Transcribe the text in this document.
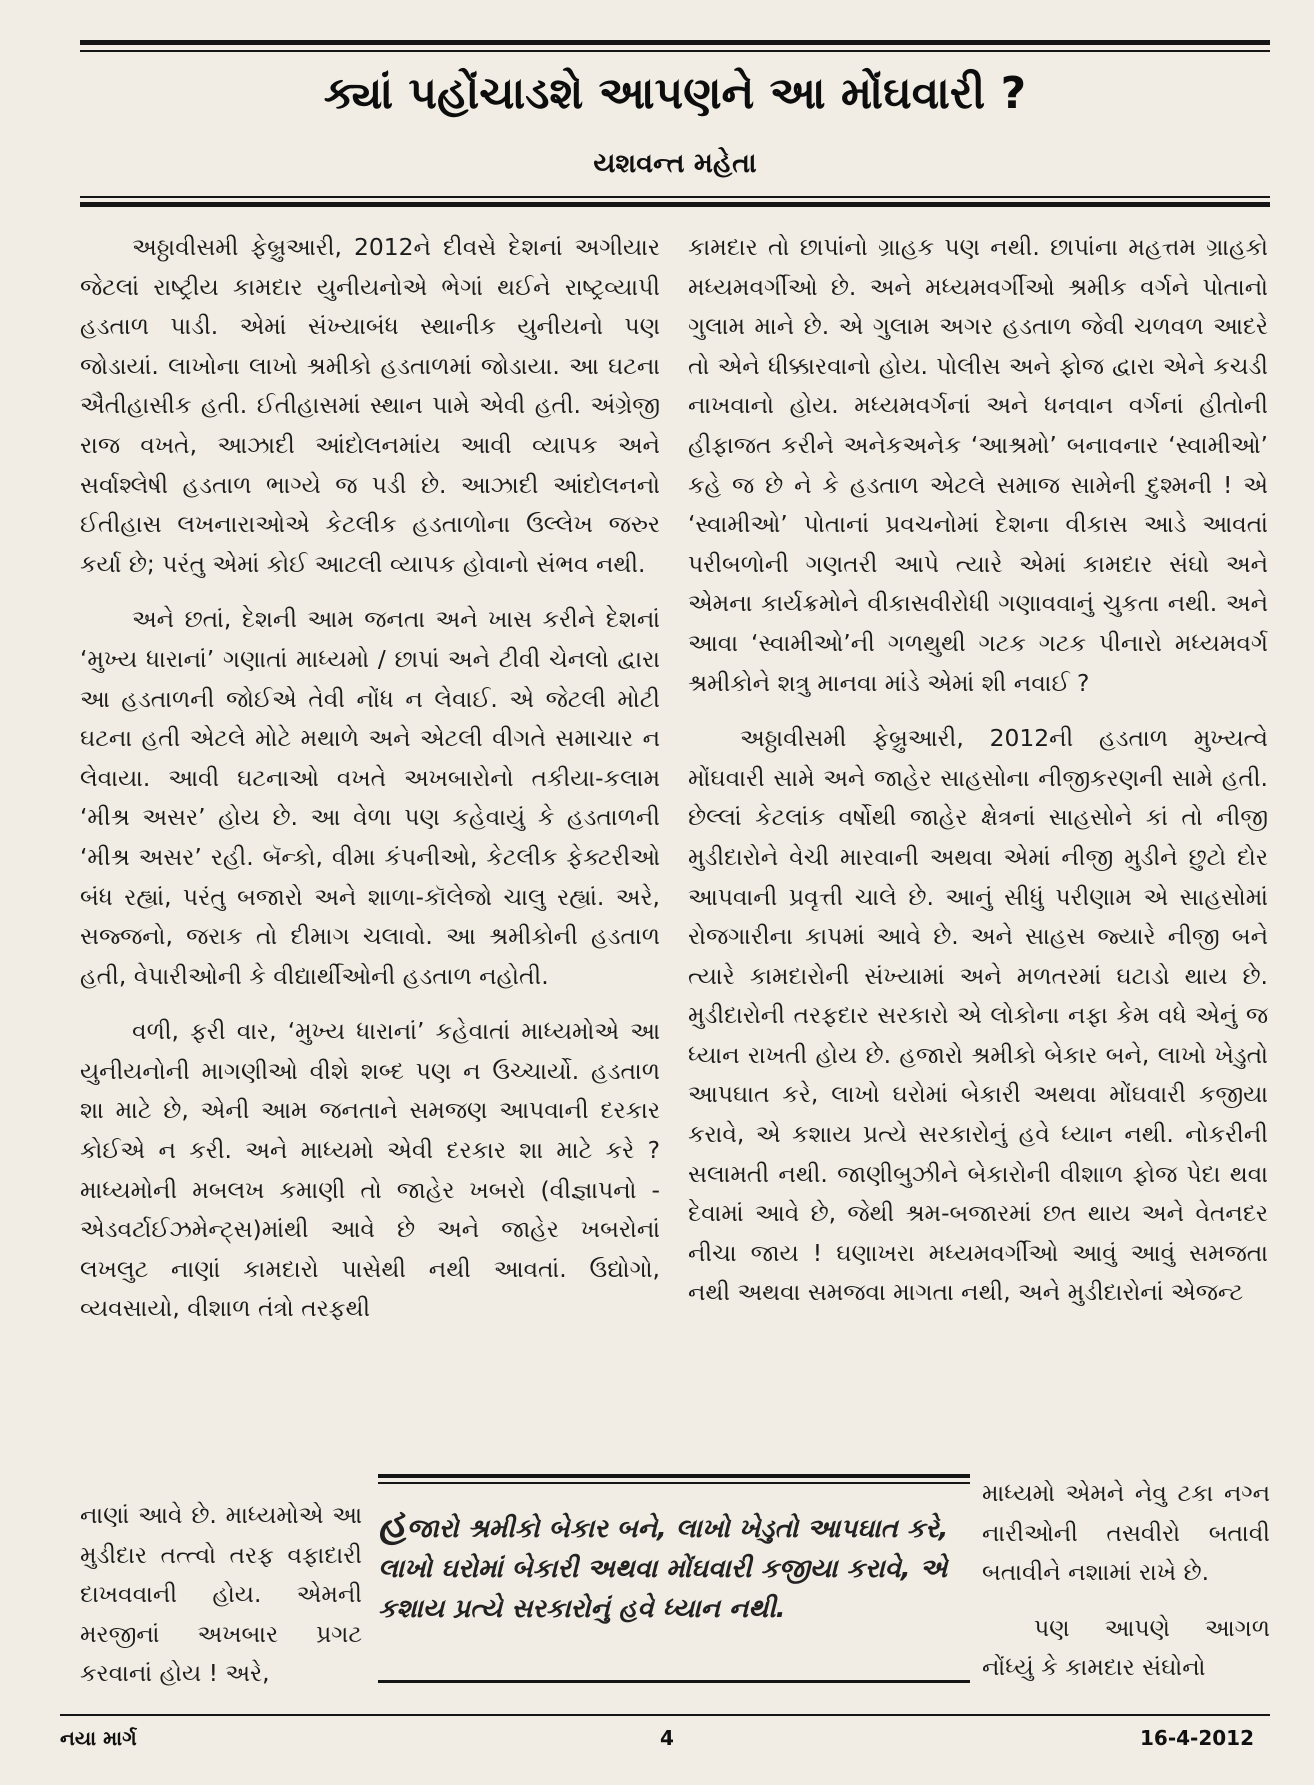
ક્યાં પહોંચાડશે આપણને આ મોંઘવારી ?
યશવન્ત મહેતા

અઠ્ઠાવીસમી ફેબ્રુઆરી, 2012ને દીવસે દેશનાં અગીયાર જેટલાં રાષ્ટ્રીય કામદાર યુનીયનોએ ભેગાં થઈને રાષ્ટ્રવ્યાપી હડતાળ પાડી. એમાં સંખ્યાબંધ સ્થાનીક યુનીયનો પણ જોડાયાં. લાખોના લાખો શ્રમીકો હડતાળમાં જોડાયા. આ ઘટના ઐતીહાસીક હતી. ઈતીહાસમાં સ્થાન પામે એવી હતી. અંગ્રેજી રાજ વખતે, આઝાદી આંદોલનમાંય આવી વ્યાપક અને સર્વાશ્લેષી હડતાળ ભાગ્યે જ પડી છે. આઝાદી આંદોલનનો ઈતીહાસ લખનારાઓએ કેટલીક હડતાળોના ઉલ્લેખ જરુર કર્યા છે; પરંતુ એમાં કોઈ આટલી વ્યાપક હોવાનો સંભવ નથી.

અને છતાં, દેશની આમ જનતા અને ખાસ કરીને દેશનાં ‘મુખ્ય ધારાનાં’ ગણાતાં માધ્યમો / છાપાં અને ટીવી ચેનલો દ્વારા આ હડતાળની જોઈએ તેવી નોંધ ન લેવાઈ. એ જેટલી મોટી ઘટના હતી એટલે મોટે મથાળે અને એટલી વીગતે સમાચાર ન લેવાયા. આવી ઘટનાઓ વખતે અખબારોનો તકીયા-કલામ ‘મીશ્ર અસર’ હોય છે. આ વેળા પણ કહેવાયું કે હડતાળની ‘મીશ્ર અસર’ રહી. બૅન્કો, વીમા કંપનીઓ, કેટલીક ફેક્ટરીઓ બંધ રહ્યાં, પરંતુ બજારો અને શાળા-કૉલેજો ચાલુ રહ્યાં. અરે, સજ્જનો, જરાક તો દીમાગ ચલાવો. આ શ્રમીકોની હડતાળ હતી, વેપારીઓની કે વીદ્યાર્થીઓની હડતાળ નહોતી.

વળી, ફરી વાર, ‘મુખ્ય ધારાનાં’ કહેવાતાં માધ્યમોએ આ યુનીયનોની માગણીઓ વીશે શબ્દ પણ ન ઉચ્ચાર્યો. હડતાળ શા માટે છે, એની આમ જનતાને સમજણ આપવાની દરકાર કોઈએ ન કરી. અને માધ્યમો એવી દરકાર શા માટે કરે ? માધ્યમોની મબલખ કમાણી તો જાહેર ખબરો (વીજ્ઞાપનો - એડવર્ટાઈઝમેન્ટ્સ)માંથી આવે છે અને જાહેર ખબરોનાં લખલુટ નાણાં કામદારો પાસેથી નથી આવતાં. ઉદ્યોગો, વ્યવસાયો, વીશાળ તંત્રો તરફથી

કામદાર તો છાપાંનો ગ્રાહક પણ નથી. છાપાંના મહત્તમ ગ્રાહકો મધ્યમવર્ગીઓ છે. અને મધ્યમવર્ગીઓ શ્રમીક વર્ગને પોતાનો ગુલામ માને છે. એ ગુલામ અગર હડતાળ જેવી ચળવળ આદરે તો એને ધીક્કારવાનો હોય. પોલીસ અને ફોજ દ્વારા એને કચડી નાખવાનો હોય. મધ્યમવર્ગનાં અને ધનવાન વર્ગનાં હીતોની હીફાજત કરીને અનેકઅનેક ‘આશ્રમો’ બનાવનાર ‘સ્વામીઓ’ કહે જ છે ને કે હડતાળ એટલે સમાજ સામેની દુશ્મની ! એ ‘સ્વામીઓ’ પોતાનાં પ્રવચનોમાં દેશના વીકાસ આડે આવતાં પરીબળોની ગણતરી આપે ત્યારે એમાં કામદાર સંઘો અને એમના કાર્યક્રમોને વીકાસવીરોધી ગણાવવાનું ચુકતા નથી. અને આવા ‘સ્વામીઓ’ની ગળથુથી ગટક ગટક પીનારો મધ્યમવર્ગ શ્રમીકોને શત્રુ માનવા માંડે એમાં શી નવાઈ ?

અઠ્ઠાવીસમી ફેબ્રુઆરી, 2012ની હડતાળ મુખ્યત્વે મોંઘવારી સામે અને જાહેર સાહસોના નીજીકરણની સામે હતી. છેલ્લાં કેટલાંક વર્ષોથી જાહેર ક્ષેત્રનાં સાહસોને કાં તો નીજી મુડીદારોને વેચી મારવાની અથવા એમાં નીજી મુડીને છુટો દોર આપવાની પ્રવૃત્તી ચાલે છે. આનું સીધું પરીણામ એ સાહસોમાં રોજગારીના કાપમાં આવે છે. અને સાહસ જ્યારે નીજી બને ત્યારે કામદારોની સંખ્યામાં અને મળતરમાં ઘટાડો થાય છે. મુડીદારોની તરફદાર સરકારો એ લોકોના નફા કેમ વધે એનું જ ધ્યાન રાખતી હોય છે. હજારો શ્રમીકો બેકાર બને, લાખો ખેડુતો આપઘાત કરે, લાખો ઘરોમાં બેકારી અથવા મોંઘવારી કજીયા કરાવે, એ કશાય પ્રત્યે સરકારોનું હવે ધ્યાન નથી. નોકરીની સલામતી નથી. જાણીબુઝીને બેકારોની વીશાળ ફોજ પેદા થવા દેવામાં આવે છે, જેથી શ્રમ-બજારમાં છત થાય અને વેતનદર નીચા જાય ! ઘણાખરા મધ્યમવર્ગીઓ આવું આવું સમજતા નથી અથવા સમજવા માગતા નથી, અને મુડીદારોનાં એજન્ટ

નાણાં આવે છે. માધ્યમોએ આ મુડીદાર તત્ત્વો તરફ વફાદારી દાખવવાની હોય. એમની મરજીનાં અખબાર પ્રગટ કરવાનાં હોય ! અરે,

હજારો શ્રમીકો બેકાર બને, લાખો ખેડુતો આપઘાત કરે, લાખો ઘરોમાં બેકારી અથવા મોંઘવારી કજીયા કરાવે, એ કશાય પ્રત્યે સરકારોનું હવે ધ્યાન નથી.

માધ્યમો એમને નેવુ ટકા નગ્ન નારીઓની તસવીરો બતાવી બતાવીને નશામાં રાખે છે.

પણ આપણે આગળ નોંધ્યું કે કામદાર સંઘોનો

નયા માર્ગ	4	16-4-2012
